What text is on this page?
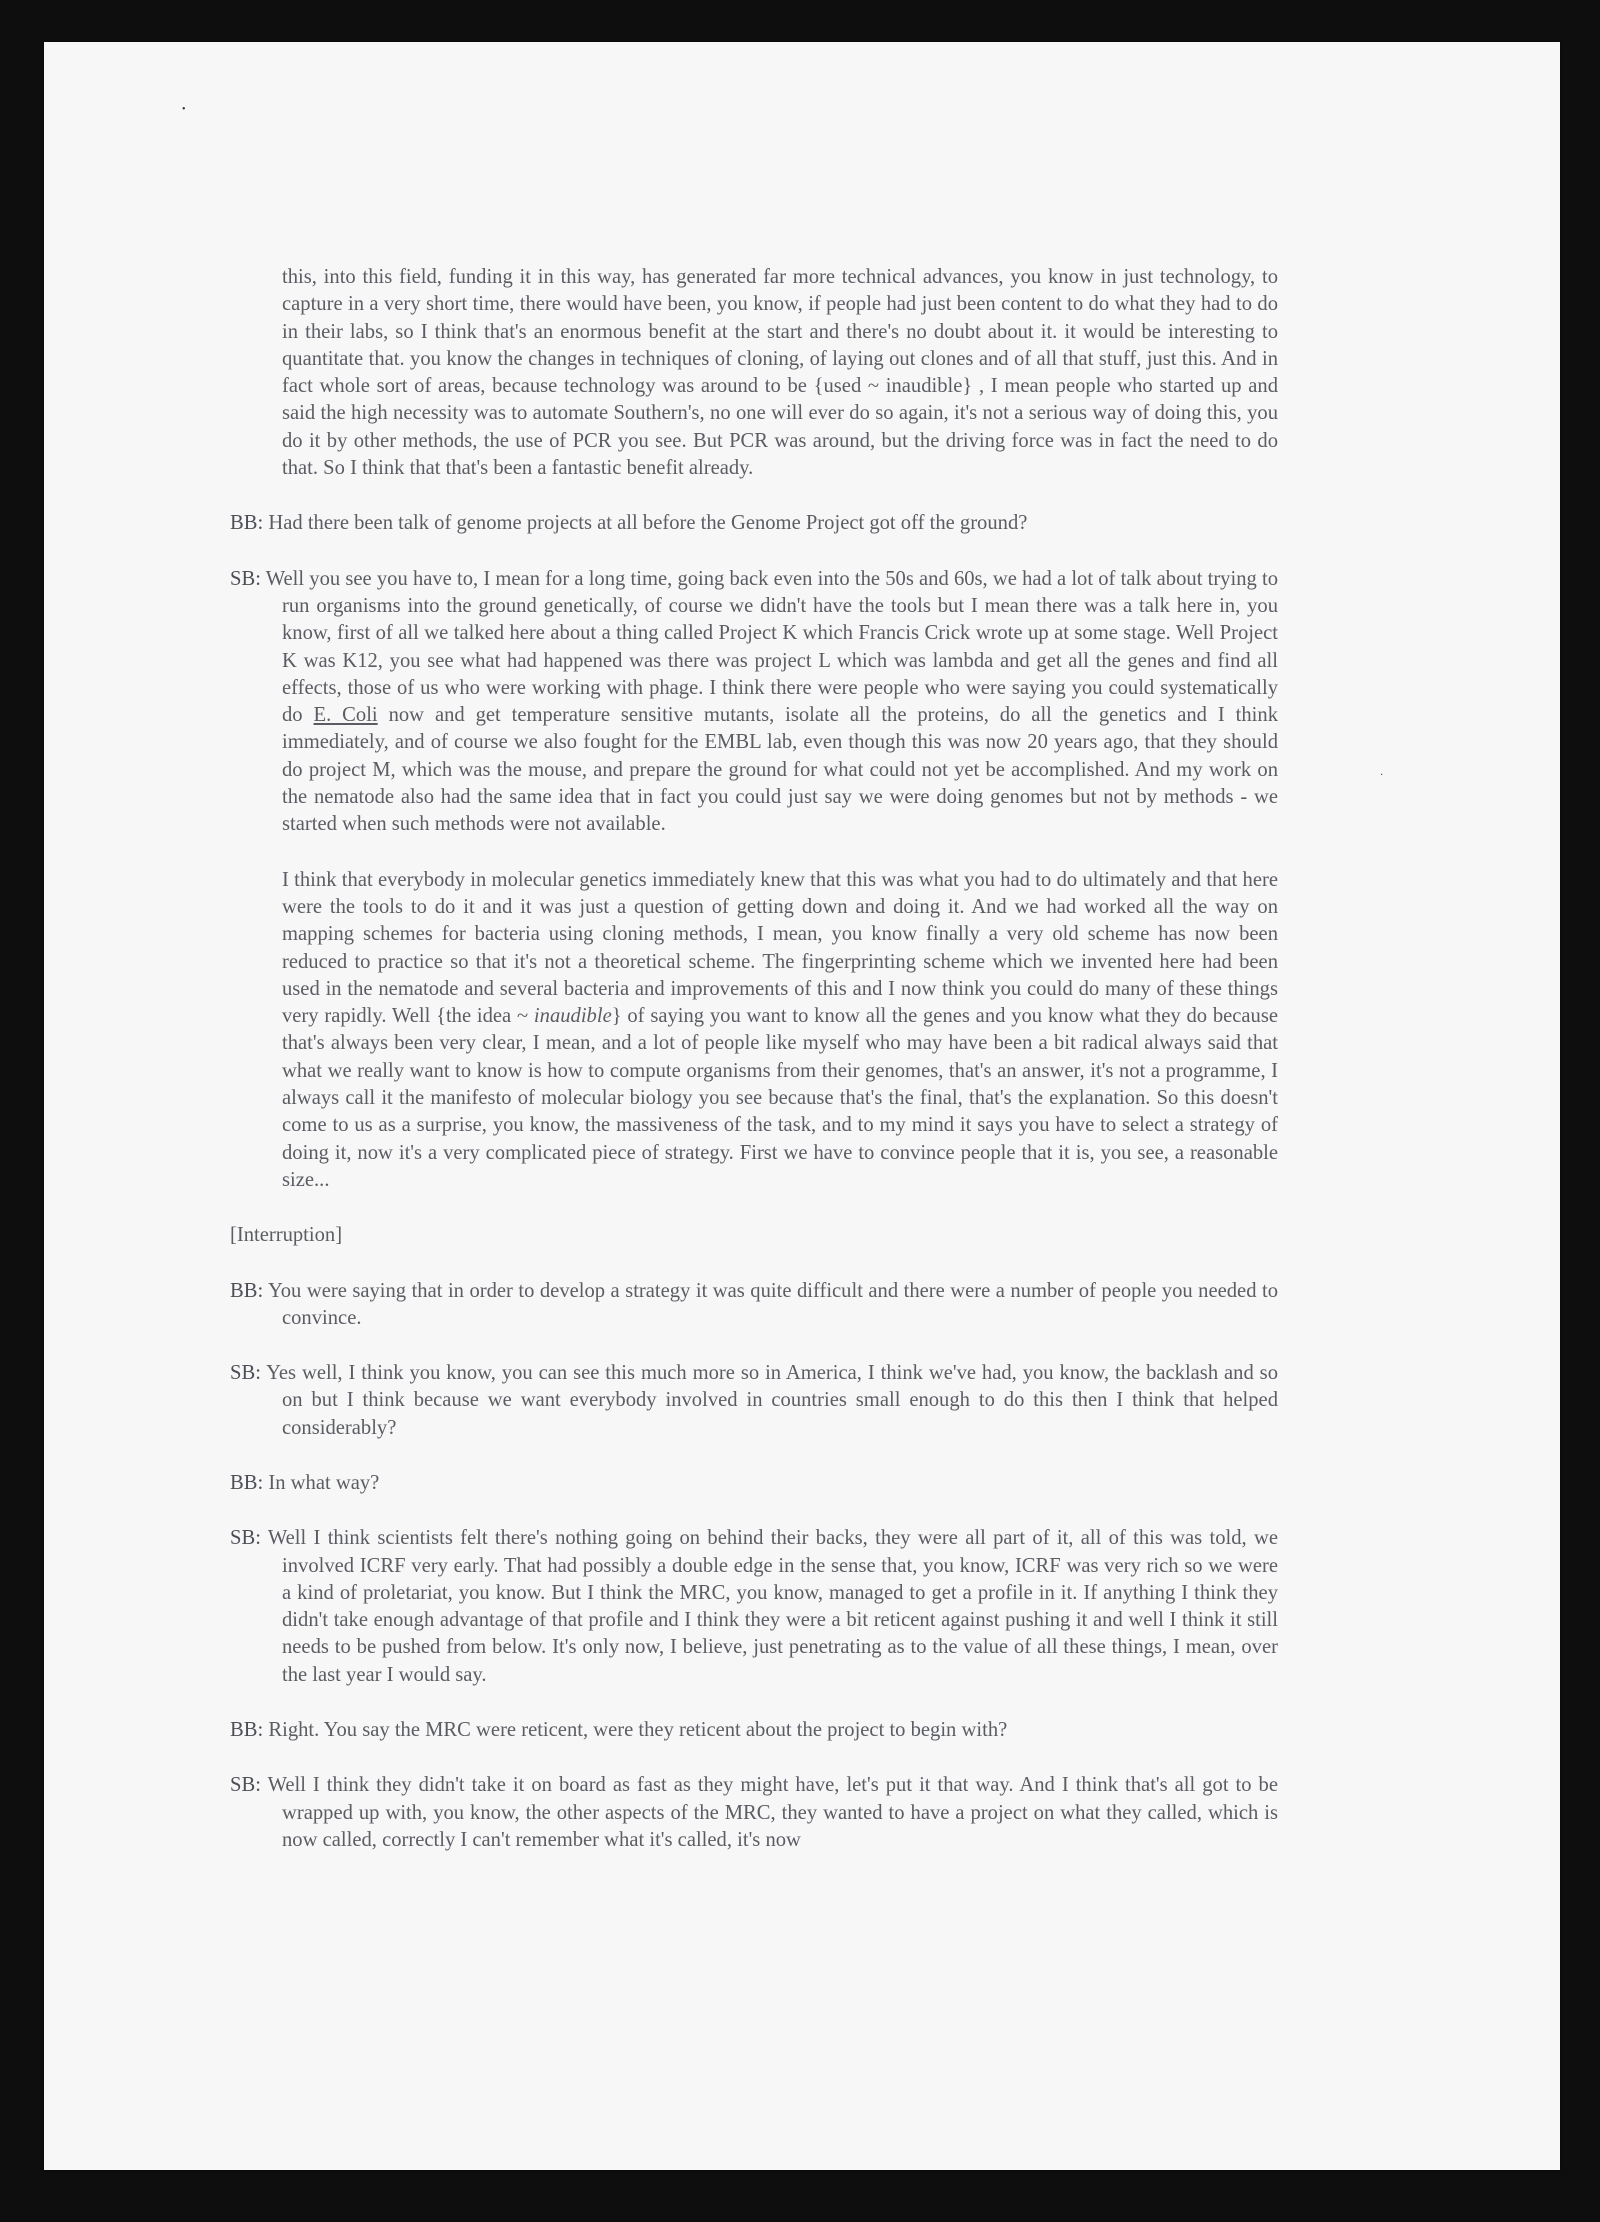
•
·

this, into this field, funding it in this way, has generated far more technical advances, you know in just technology, to capture in a very short time, there would have been, you know, if people had just been content to do what they had to do in their labs, so I think that's an enormous benefit at the start and there's no doubt about it. it would be interesting to quantitate that. you know the changes in techniques of cloning, of laying out clones and of all that stuff, just this. And in fact whole sort of areas, because technology was around to be {used ~ inaudible} , I mean people who started up and said the high necessity was to automate Southern's, no one will ever do so again, it's not a serious way of doing this, you do it by other methods, the use of PCR you see. But PCR was around, but the driving force was in fact the need to do that. So I think that that's been a fantastic benefit already.

BB: Had there been talk of genome projects at all before the Genome Project got off the ground?

SB: Well you see you have to, I mean for a long time, going back even into the 50s and 60s, we had a lot of talk about trying to run organisms into the ground genetically, of course we didn't have the tools but I mean there was a talk here in, you know, first of all we talked here about a thing called Project K which Francis Crick wrote up at some stage. Well Project K was K12, you see what had happened was there was project L which was lambda and get all the genes and find all effects, those of us who were working with phage. I think there were people who were saying you could systematically do E. Coli now and get temperature sensitive mutants, isolate all the proteins, do all the genetics and I think immediately, and of course we also fought for the EMBL lab, even though this was now 20 years ago, that they should do project M, which was the mouse, and prepare the ground for what could not yet be accomplished. And my work on the nematode also had the same idea that in fact you could just say we were doing genomes but not by methods - we started when such methods were not available.

I think that everybody in molecular genetics immediately knew that this was what you had to do ultimately and that here were the tools to do it and it was just a question of getting down and doing it. And we had worked all the way on mapping schemes for bacteria using cloning methods, I mean, you know finally a very old scheme has now been reduced to practice so that it's not a theoretical scheme. The fingerprinting scheme which we invented here had been used in the nematode and several bacteria and improvements of this and I now think you could do many of these things very rapidly. Well {the idea ~ inaudible} of saying you want to know all the genes and you know what they do because that's always been very clear, I mean, and a lot of people like myself who may have been a bit radical always said that what we really want to know is how to compute organisms from their genomes, that's an answer, it's not a programme, I always call it the manifesto of molecular biology you see because that's the final, that's the explanation. So this doesn't come to us as a surprise, you know, the massiveness of the task, and to my mind it says you have to select a strategy of doing it, now it's a very complicated piece of strategy. First we have to convince people that it is, you see, a reasonable size...

[Interruption]

BB: You were saying that in order to develop a strategy it was quite difficult and there were a number of people you needed to convince.

SB: Yes well, I think you know, you can see this much more so in America, I think we've had, you know, the backlash and so on but I think because we want everybody involved in countries small enough to do this then I think that helped considerably?

BB: In what way?

SB: Well I think scientists felt there's nothing going on behind their backs, they were all part of it, all of this was told, we involved ICRF very early. That had possibly a double edge in the sense that, you know, ICRF was very rich so we were a kind of proletariat, you know. But I think the MRC, you know, managed to get a profile in it. If anything I think they didn't take enough advantage of that profile and I think they were a bit reticent against pushing it and well I think it still needs to be pushed from below. It's only now, I believe, just penetrating as to the value of all these things, I mean, over the last year I would say.

BB: Right. You say the MRC were reticent, were they reticent about the project to begin with?

SB: Well I think they didn't take it on board as fast as they might have, let's put it that way. And I think that's all got to be wrapped up with, you know, the other aspects of the MRC, they wanted to have a project on what they called, which is now called, correctly I can't remember what it's called, it's now
